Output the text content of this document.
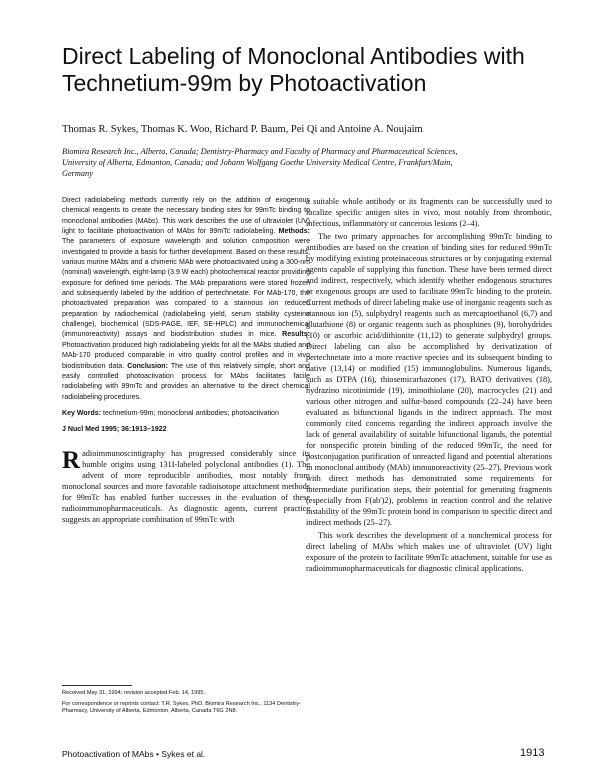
Direct Labeling of Monoclonal Antibodies with
Technetium-99m by Photoactivation
Thomas R. Sykes, Thomas K. Woo, Richard P. Baum, Pei Qi and Antoine A. Noujaim
Biomira Research Inc., Alberta, Canada; Dentistry-Pharmacy and Faculty of Pharmacy and Pharmaceutical Sciences,
University of Alberta, Edmonton, Canada; and Johann Wolfgang Goethe University Medical Centre, Frankfurt/Main,
Germany

Direct radiolabeling methods currently rely on the addition of exogenous chemical reagents to create the necessary binding sites for 99mTc binding to monoclonal antibodies (MAbs). This work describes the use of ultraviolet (UV) light to facilitate photoactivation of MAbs for 99mTc radiolabeling. Methods: The parameters of exposure wavelength and solution composition were investigated to provide a basis for further development. Based on these results, various murine MAbs and a chimeric MAb were photoactivated using a 300-nm (nominal) wavelength, eight-lamp (3.9 W each) photochemical reactor providing exposure for defined time periods. The MAb preparations were stored frozen and subsequently labeled by the addition of pertechnetate. For MAb-170, the photoactivated preparation was compared to a stannous ion reduced preparation by radiochemical (radiolabeling yield, serum stability cysteine challenge), biochemical (SDS-PAGE, IEF, SE-HPLC) and immunochemical (immunoreactivity) assays and biodistribution studies in mice. Results: Photoactivation produced high radiolabeling yields for all the MAbs studied and MAb-170 produced comparable in vitro quality control profiles and in vivo biodistribution data. Conclusion: The use of this relatively simple, short and easily controlled photoactivation process for MAbs facilitates facile radiolabeling with 99mTc and provides an alternative to the direct chemical radiolabeling procedures.

Key Words: technetium-99m; monoclonal antibodies; photoactivation

J Nucl Med 1995; 36:1913–1922

Radioimmunoscintigraphy has progressed considerably since its humble origins using 131I-labeled polyclonal antibodies (1). The advent of more reproducible antibodies, most notably from monoclonal sources and more favorable radioisotope attachment methods for 99mTc has enabled further successes in the evaluation of these radioimmunopharmaceuticals. As diagnostic agents, current practice suggests an appropriate combination of 99mTc with

a suitable whole antibody or its fragments can be successfully used to localize specific antigen sites in vivo, most notably from thrombotic, infectious, inflammatory or cancerous lesions (2–4).

The two primary approaches for accomplishing 99mTc binding to antibodies are based on the creation of binding sites for reduced 99mTc by modifying existing proteinaceous structures or by conjugating external agents capable of supplying this function. These have been termed direct and indirect, respectively, which identify whether endogenous structures or exogenous groups are used to facilitate 99mTc binding to the protein. Current methods of direct labeling make use of inorganic reagents such as stannous ion (5), sulphydryl reagents such as mercaptoethanol (6,7) and glutathione (8) or organic reagents such as phosphines (9), borohydrides (10) or ascorbic acid/dithionite (11,12) to generate sulphydryl groups. Direct labeling can also be accomplished by derivatization of pertechnetate into a more reactive species and its subsequent binding to native (13,14) or modified (15) immunoglobulins. Numerous ligands, such as DTPA (16), thiosemicarbazones (17), BATO derivatives (18), hydrazino nicotinimide (19), iminothiolane (20), macrocycles (21) and various other nitrogen and sulfur-based compounds (22–24) have been evaluated as bifunctional ligands in the indirect approach. The most commonly cited concerns regarding the indirect approach involve the lack of general availability of suitable bifunctional ligands, the potential for nonspecific protein binding of the reduced 99mTc, the need for postconjugation purification of unreacted ligand and potential alterations in monoclonal antibody (MAb) immunoreactivity (25–27). Previous work with direct methods has demonstrated some requirements for intermediate purification steps, their potential for generating fragments (especially from F(ab')2), problems in reaction control and the relative instability of the 99mTc protein bond in comparison to specific direct and indirect methods (25–27).

This work describes the development of a nonchemical process for direct labeling of MAbs which makes use of ultraviolet (UV) light exposure of the protein to facilitate 99mTc attachment, suitable for use as radioimmunopharmaceuticals for diagnostic clinical applications.

Received May 31, 1994; revision accepted Feb. 14, 1995.

For correspondence or reprints contact: T.R. Sykes, PhD, Biomira Research Inc., 1134 Dentistry-Pharmacy, University of Alberta, Edmonton, Alberta, Canada T6G 2N8.

Photoactivation of MAbs • Sykes et al.	1913
